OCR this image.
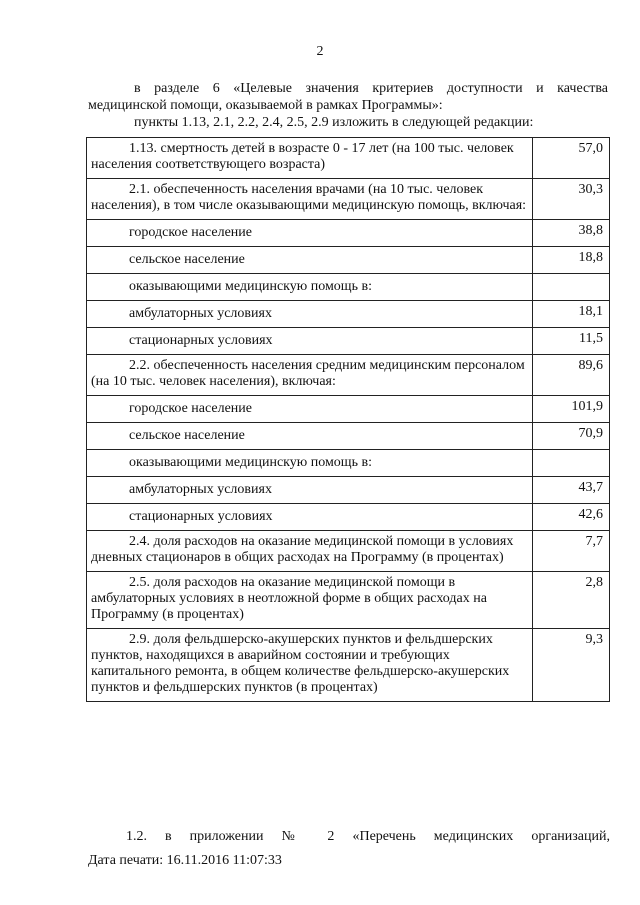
2

в разделе 6 «Целевые значения критериев доступности и качества

медицинской помощи, оказываемой в рамках Программы»:

пункты 1.13, 2.1, 2.2, 2.4, 2.5, 2.9 изложить в следующей редакции:

1.13. смертность детей в возрасте 0 - 17 лет (на 100 тыс. человек населения соответствующего возраста)	57,0

2.1. обеспеченность населения врачами (на 10 тыс. человек населения), в том числе оказывающими медицинскую помощь, включая:	30,3

городское население	38,8

сельское население	18,8

оказывающими медицинскую помощь в:	

амбулаторных условиях	18,1

стационарных условиях	11,5

2.2. обеспеченность населения средним медицинским персоналом (на 10 тыс. человек населения), включая:	89,6

городское население	101,9

сельское население	70,9

оказывающими медицинскую помощь в:	

амбулаторных условиях	43,7

стационарных условиях	42,6

2.4. доля расходов на оказание медицинской помощи в условиях дневных стационаров в общих расходах на Программу (в процентах)	7,7

2.5. доля расходов на оказание медицинской помощи в амбулаторных условиях в неотложной форме в общих расходах на Программу (в процентах)	2,8

2.9. доля фельдшерско-акушерских пунктов и фельдшерских пунктов, находящихся в аварийном состоянии и требующих капитального ремонта, в общем количестве фельдшерско-акушерских пунктов и фельдшерских пунктов (в процентах)	9,3

1.2. в приложении № 2 «Перечень медицинских организаций,

Дата печати: 16.11.2016 11:07:33
